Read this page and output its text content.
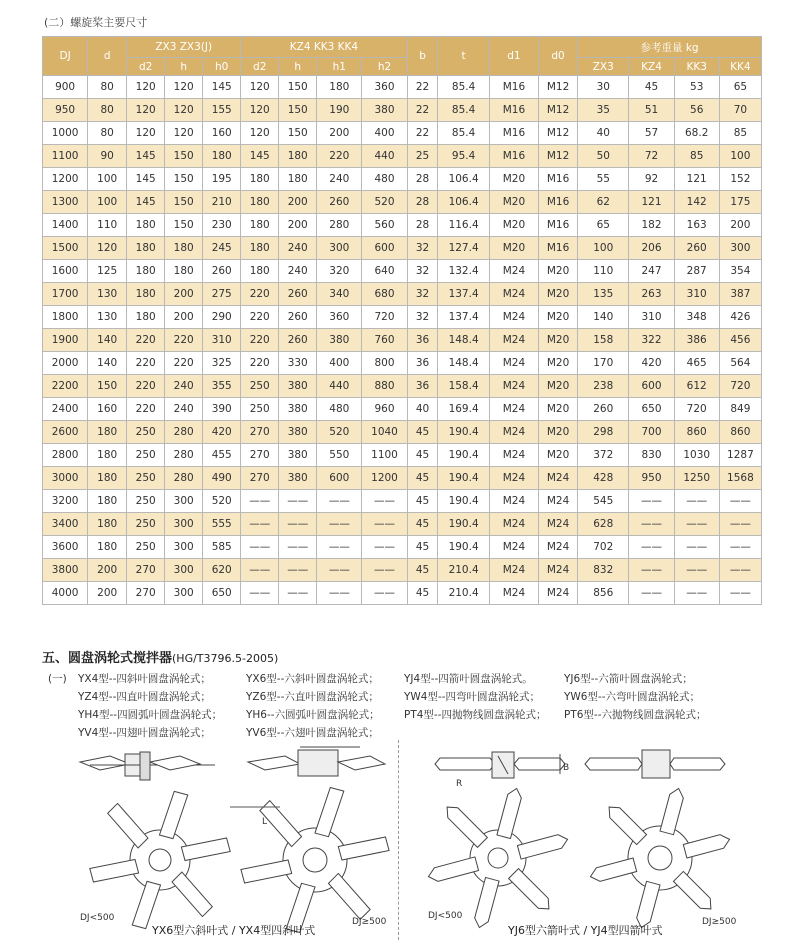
(二）螺旋桨主要尺寸
DJ	d	ZX3 ZX3(J)			KZ4 KK3 KK4				b	t	d1	d0	参考重量 kg			
		d2	h	h0	d2	h	h1	h2					ZX3	KZ4	KK3	KK4
900	80	120	120	145	120	150	180	360	22	85.4	M16	M12	30	45	53	65
950	80	120	120	155	120	150	190	380	22	85.4	M16	M12	35	51	56	70
1000	80	120	120	160	120	150	200	400	22	85.4	M16	M12	40	57	68.2	85
1100	90	145	150	180	145	180	220	440	25	95.4	M16	M12	50	72	85	100
1200	100	145	150	195	180	180	240	480	28	106.4	M20	M16	55	92	121	152
1300	100	145	150	210	180	200	260	520	28	106.4	M20	M16	62	121	142	175
1400	110	180	150	230	180	200	280	560	28	116.4	M20	M16	65	182	163	200
1500	120	180	180	245	180	240	300	600	32	127.4	M20	M16	100	206	260	300
1600	125	180	180	260	180	240	320	640	32	132.4	M24	M20	110	247	287	354
1700	130	180	200	275	220	260	340	680	32	137.4	M24	M20	135	263	310	387
1800	130	180	200	290	220	260	360	720	32	137.4	M24	M20	140	310	348	426
1900	140	220	220	310	220	260	380	760	36	148.4	M24	M20	158	322	386	456
2000	140	220	220	325	220	330	400	800	36	148.4	M24	M20	170	420	465	564
2200	150	220	240	355	250	380	440	880	36	158.4	M24	M20	238	600	612	720
2400	160	220	240	390	250	380	480	960	40	169.4	M24	M20	260	650	720	849
2600	180	250	280	420	270	380	520	1040	45	190.4	M24	M20	298	700	860	860
2800	180	250	280	455	270	380	550	1100	45	190.4	M24	M20	372	830	1030	1287
3000	180	250	280	490	270	380	600	1200	45	190.4	M24	M24	428	950	1250	1568
3200	180	250	300	520	——	——	——	——	45	190.4	M24	M24	545	——	——	——
3400	180	250	300	555	——	——	——	——	45	190.4	M24	M24	628	——	——	——
3600	180	250	300	585	——	——	——	——	45	190.4	M24	M24	702	——	——	——
3800	200	270	300	620	——	——	——	——	45	210.4	M24	M24	832	——	——	——
4000	200	270	300	650	——	——	——	——	45	210.4	M24	M24	856	——	——	——
五、圆盘涡轮式搅拌器(HG/T3796.5-2005)
(一)	YX4型--四斜叶圆盘涡轮式；	YX6型--六斜叶圆盘涡轮式；	YJ4型--四箭叶圆盘涡轮式。	YJ6型--六箭叶圆盘涡轮式；
YZ4型--四直叶圆盘涡轮式；	YZ6型--六直叶圆盘涡轮式；	YW4型--四弯叶圆盘涡轮式；	YW6型--六弯叶圆盘涡轮式；
YH4型--四圆弧叶圆盘涡轮式；	YH6--六圆弧叶圆盘涡轮式；	PT4型--四抛物线圆盘涡轮式；	PT6型--六抛物线圆盘涡轮式；
YV4型--四翅叶圆盘涡轮式；	YV6型--六翅叶圆盘涡轮式；
L
DJ<500	DJ≥500
YX6型六斜叶式 / YX4型四斜叶式
B
R
DJ<500
DJ≥500
YJ6型六箭叶式 / YJ4型四箭叶式
